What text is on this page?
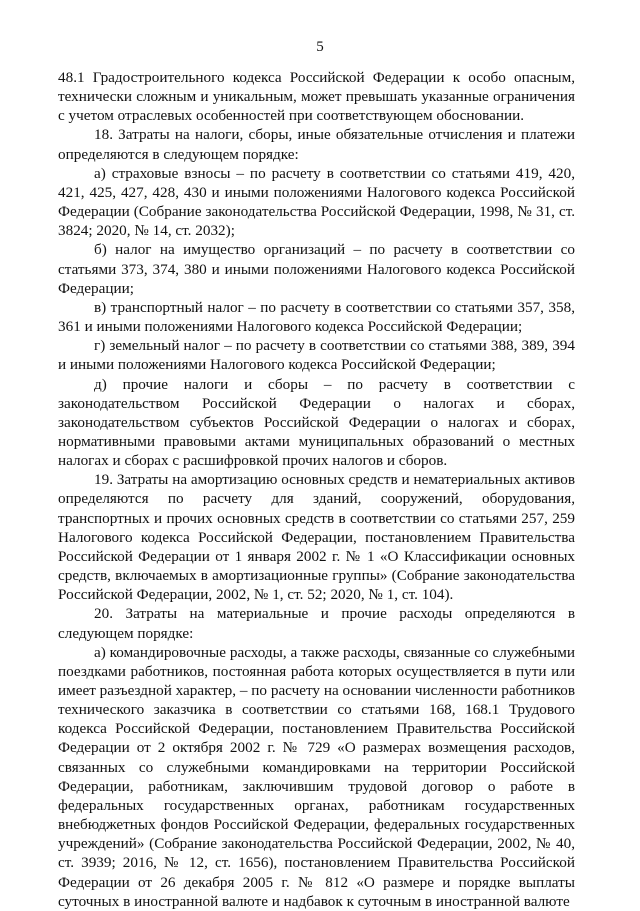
5

48.1 Градостроительного кодекса Российской Федерации к особо опасным, технически сложным и уникальным, может превышать указанные ограничения с учетом отраслевых особенностей при соответствующем обосновании.

18. Затраты на налоги, сборы, иные обязательные отчисления и платежи определяются в следующем порядке:

а) страховые взносы – по расчету в соответствии со статьями 419, 420, 421, 425, 427, 428, 430 и иными положениями Налогового кодекса Российской Федерации (Собрание законодательства Российской Федерации, 1998, № 31, ст. 3824; 2020, № 14, ст. 2032);

б) налог на имущество организаций – по расчету в соответствии со статьями 373, 374, 380 и иными положениями Налогового кодекса Российской Федерации;

в) транспортный налог – по расчету в соответствии со статьями 357, 358, 361 и иными положениями Налогового кодекса Российской Федерации;

г) земельный налог – по расчету в соответствии со статьями 388, 389, 394 и иными положениями Налогового кодекса Российской Федерации;

д) прочие налоги и сборы – по расчету в соответствии с законодательством Российской Федерации о налогах и сборах, законодательством субъектов Российской Федерации о налогах и сборах, нормативными правовыми актами муниципальных образований о местных налогах и сборах с расшифровкой прочих налогов и сборов.

19. Затраты на амортизацию основных средств и нематериальных активов определяются по расчету для зданий, сооружений, оборудования, транспортных и прочих основных средств в соответствии со статьями 257, 259 Налогового кодекса Российской Федерации, постановлением Правительства Российской Федерации от 1 января 2002 г. № 1 «О Классификации основных средств, включаемых в амортизационные группы» (Собрание законодательства Российской Федерации, 2002, № 1, ст. 52; 2020, № 1, ст. 104).

20. Затраты на материальные и прочие расходы определяются в следующем порядке:

а) командировочные расходы, а также расходы, связанные со служебными поездками работников, постоянная работа которых осуществляется в пути или имеет разъездной характер, – по расчету на основании численности работников технического заказчика в соответствии со статьями 168, 168.1 Трудового кодекса Российской Федерации, постановлением Правительства Российской Федерации от 2 октября 2002 г. № 729 «О размерах возмещения расходов, связанных со служебными командировками на территории Российской Федерации, работникам, заключившим трудовой договор о работе в федеральных государственных органах, работникам государственных внебюджетных фондов Российской Федерации, федеральных государственных учреждений» (Собрание законодательства Российской Федерации, 2002, № 40, ст. 3939; 2016, № 12, ст. 1656), постановлением Правительства Российской Федерации от 26 декабря 2005 г. № 812 «О размере и порядке выплаты суточных в иностранной валюте и надбавок к суточным в иностранной валюте
